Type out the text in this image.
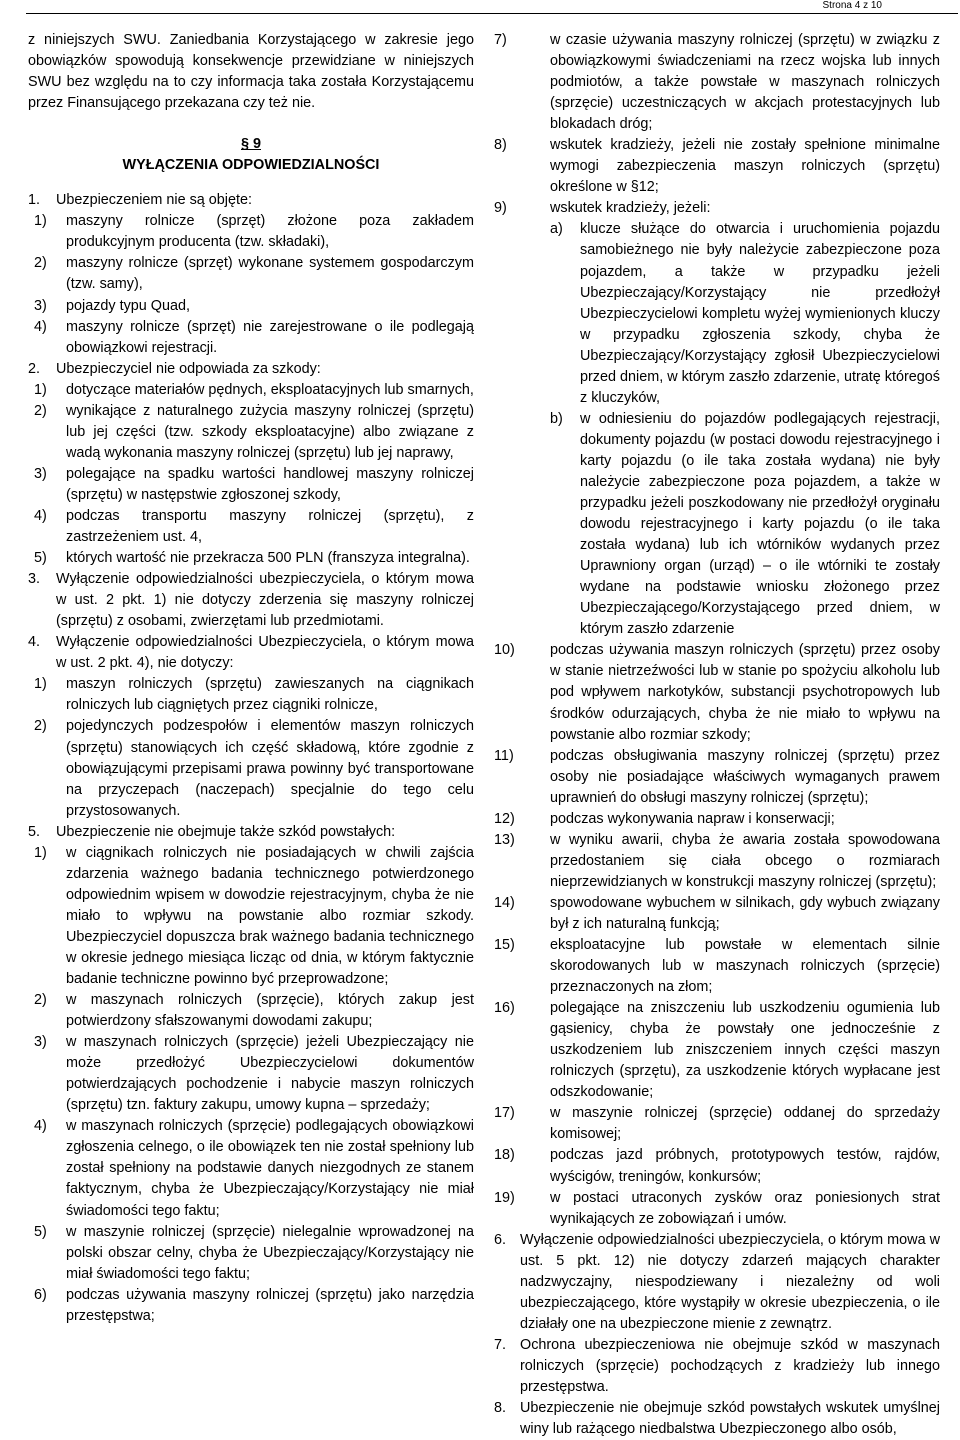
Strona 4 z 10

z niniejszych SWU. Zaniedbania Korzystającego w zakresie jego obowiązków spowodują konsekwencje przewidziane w niniejszych SWU bez względu na to czy informacja taka została Korzystającemu przez Finansującego przekazana czy też nie.

§ 9
WYŁĄCZENIA ODPOWIEDZIALNOŚCI
1. Ubezpieczeniem nie są objęte:
1) maszyny rolnicze (sprzęt) złożone poza zakładem produkcyjnym producenta (tzw. składaki),
2) maszyny rolnicze (sprzęt) wykonane systemem gospodarczym (tzw. samy),
3) pojazdy typu Quad,
4) maszyny rolnicze (sprzęt) nie zarejestrowane o ile podlegają obowiązkowi rejestracji.
2. Ubezpieczyciel nie odpowiada za szkody:
1) dotyczące materiałów pędnych, eksploatacyjnych lub smarnych,
2) wynikające z naturalnego zużycia maszyny rolniczej (sprzętu) lub jej części (tzw. szkody eksploatacyjne) albo związane z wadą wykonania maszyny rolniczej (sprzętu) lub jej naprawy,
3) polegające na spadku wartości handlowej maszyny rolniczej (sprzętu) w następstwie zgłoszonej szkody,
4) podczas transportu maszyny rolniczej (sprzętu), z zastrzeżeniem ust. 4,
5) których wartość nie przekracza 500 PLN (franszyza integralna).
3. Wyłączenie odpowiedzialności ubezpieczyciela, o którym mowa w ust. 2 pkt. 1) nie dotyczy zderzenia się maszyny rolniczej (sprzętu) z osobami, zwierzętami lub przedmiotami.
4. Wyłączenie odpowiedzialności Ubezpieczyciela, o którym mowa w ust. 2 pkt. 4), nie dotyczy:
1) maszyn rolniczych (sprzętu) zawieszanych na ciągnikach rolniczych lub ciągniętych przez ciągniki rolnicze,
2) pojedynczych podzespołów i elementów maszyn rolniczych (sprzętu) stanowiących ich część składową, które zgodnie z obowiązującymi przepisami prawa powinny być transportowane na przyczepach (naczepach) specjalnie do tego celu przystosowanych.
5. Ubezpieczenie nie obejmuje także szkód powstałych:
1) w ciągnikach rolniczych nie posiadających w chwili zajścia zdarzenia ważnego badania technicznego potwierdzonego odpowiednim wpisem w dowodzie rejestracyjnym, chyba że nie miało to wpływu na powstanie albo rozmiar szkody. Ubezpieczyciel dopuszcza brak ważnego badania technicznego w okresie jednego miesiąca licząc od dnia, w którym faktycznie badanie techniczne powinno być przeprowadzone;
2) w maszynach rolniczych (sprzęcie), których zakup jest potwierdzony sfałszowanymi dowodami zakupu;
3) w maszynach rolniczych (sprzęcie) jeżeli Ubezpieczający nie może przedłożyć Ubezpieczycielowi dokumentów potwierdzających pochodzenie i nabycie maszyn rolniczych (sprzętu) tzn. faktury zakupu, umowy kupna – sprzedaży;
4) w maszynach rolniczych (sprzęcie) podlegających obowiązkowi zgłoszenia celnego, o ile obowiązek ten nie został spełniony lub został spełniony na podstawie danych niezgodnych ze stanem faktycznym, chyba że Ubezpieczający/Korzystający nie miał świadomości tego faktu;
5) w maszynie rolniczej (sprzęcie) nielegalnie wprowadzonej na polski obszar celny, chyba że Ubezpieczający/Korzystający nie miał świadomości tego faktu;
6) podczas używania maszyny rolniczej (sprzętu) jako narzędzia przestępstwa;
7)	w czasie używania maszyny rolniczej (sprzętu) w związku z obowiązkowymi świadczeniami na rzecz wojska lub innych podmiotów, a także powstałe w maszynach rolniczych (sprzęcie) uczestniczących w akcjach protestacyjnych lub blokadach dróg;
8)	wskutek kradzieży, jeżeli nie zostały spełnione minimalne wymogi zabezpieczenia maszyn rolniczych (sprzętu) określone w §12;
9)	wskutek kradzieży, jeżeli:
a) klucze służące do otwarcia i uruchomienia pojazdu samobieżnego nie były należycie zabezpieczone poza pojazdem, a także w przypadku jeżeli Ubezpieczający/Korzystający nie przedłożył Ubezpieczycielowi kompletu wyżej wymienionych kluczy w przypadku zgłoszenia szkody, chyba że Ubezpieczający/Korzystający zgłosił Ubezpieczycielowi przed dniem, w którym zaszło zdarzenie, utratę któregoś z kluczyków,
b) w odniesieniu do pojazdów podlegających rejestracji, dokumenty pojazdu (w postaci dowodu rejestracyjnego i karty pojazdu (o ile taka została wydana) nie były należycie zabezpieczone poza pojazdem, a także w przypadku jeżeli poszkodowany nie przedłożył oryginału dowodu rejestracyjnego i karty pojazdu (o ile taka została wydana) lub ich wtórników wydanych przez Uprawniony organ (urząd) – o ile wtórniki te zostały wydane na podstawie wniosku złożonego przez Ubezpieczającego/Korzystającego przed dniem, w którym zaszło zdarzenie
10) podczas używania maszyn rolniczych (sprzętu) przez osoby w stanie nietrzeźwości lub w stanie po spożyciu alkoholu lub pod wpływem narkotyków, substancji psychotropowych lub środków odurzających, chyba że nie miało to wpływu na powstanie albo rozmiar szkody;
11)	podczas obsługiwania maszyny rolniczej (sprzętu) przez osoby nie posiadające właściwych wymaganych prawem uprawnień do obsługi maszyny rolniczej (sprzętu);
12) podczas wykonywania napraw i konserwacji;
13) w wyniku awarii, chyba że awaria została spowodowana przedostaniem się ciała obcego o rozmiarach nieprzewidzianych w konstrukcji maszyny rolniczej (sprzętu);
14) spowodowane wybuchem w silnikach, gdy wybuch związany był z ich naturalną funkcją;
15) eksploatacyjne lub powstałe w elementach silnie skorodowanych lub w maszynach rolniczych (sprzęcie) przeznaczonych na złom;
16) polegające na zniszczeniu lub uszkodzeniu ogumienia lub gąsienicy, chyba że powstały one jednocześnie z uszkodzeniem lub zniszczeniem innych części maszyn rolniczych (sprzętu), za uszkodzenie których wypłacane jest odszkodowanie;
17) w maszynie rolniczej (sprzęcie) oddanej do sprzedaży komisowej;
18) podczas jazd próbnych, prototypowych testów, rajdów, wyścigów, treningów, konkursów;
19) w postaci utraconych zysków oraz poniesionych strat wynikających ze zobowiązań i umów.
6. Wyłączenie odpowiedzialności ubezpieczyciela, o którym mowa w ust. 5 pkt. 12) nie dotyczy zdarzeń mających charakter nadzwyczajny, niespodziewany i niezależny od woli ubezpieczającego, które wystąpiły w okresie ubezpieczenia, o ile działały one na ubezpieczone mienie z zewnątrz.
7. Ochrona ubezpieczeniowa nie obejmuje szkód w maszynach rolniczych (sprzęcie) pochodzących z kradzieży lub innego przestępstwa.
8. Ubezpieczenie nie obejmuje szkód powstałych wskutek umyślnej winy lub rażącego niedbalstwa Ubezpieczonego albo osób,
